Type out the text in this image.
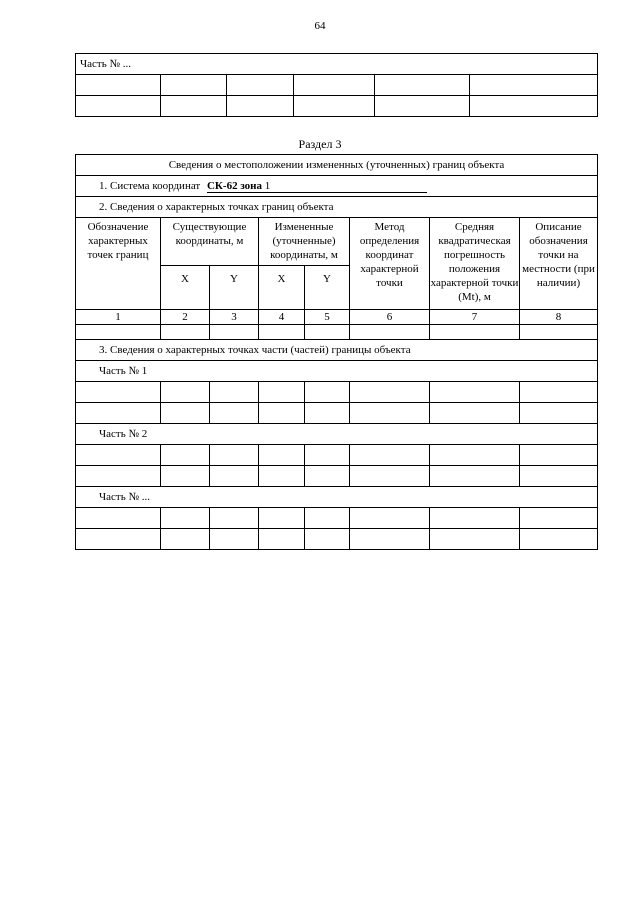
64
Часть № ...					

Раздел 3
Сведения о местоположении измененных (уточненных) границ объекта							
1. Система координат СК-62 зона 1							
2. Сведения о характерных точках границ объекта							
Обозначение характерных точек границ	Существующие координаты, м		Измененные (уточненные) координаты, м		Метод определения координат характерной точки	Средняя квадратическая погрешность положения характерной точки (Mt), м	Описание обозначения точки на местности (при наличии)
	X	Y	X	Y			
1	2	3	4	5	6	7	8

3. Сведения о характерных точках части (частей) границы объекта							
Часть № 1							

Часть № 2							

Часть № ...							
